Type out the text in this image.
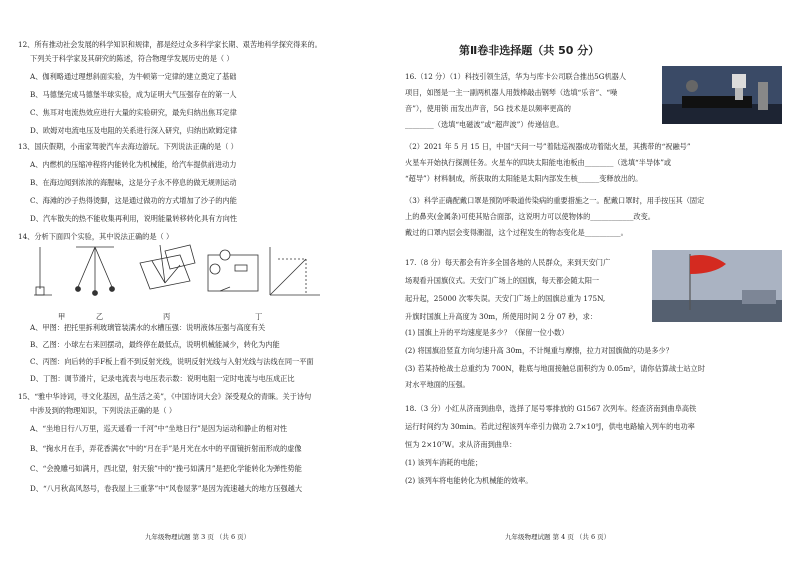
12、所有推动社会发展的科学知识和规律，都是经过众多科学家长期、艰苦地科学探究得来的。
下列关于科学家及其研究的陈述，符合物理学发展历史的是（ ）
A、伽利略通过理想斜面实验，为牛顿第一定律的建立奠定了基础
B、马德堡完成马德堡半球实验，成为证明大气压强存在的第一人
C、焦耳对电流热效应进行大量的实验研究，最先归纳出焦耳定律
D、欧姆对电流电压及电阻的关系进行深入研究，归纳出欧姆定律
13、国庆假期，小南家驾驶汽车去海边游玩。下列说法正确的是（ ）
A、内燃机的压缩冲程将内能转化为机械能，给汽车提供前进动力
B、在海边闻到浓浓的海腥味，这是分子永不停息的做无规则运动
C、海滩的沙子热得烫脚，这是通过做功的方式增加了沙子的内能
D、汽车散失的热不能收集再利用，说明能量转移转化具有方向性
14、分析下面四个实验，其中说法正确的是（ ）
甲	乙	丙	丁
A、甲图：把托里拆利玻璃管装满水的水槽压强：说明液体压强与高度有关
B、乙图：小球左右来回摆动，最终停在最低点，说明机械能减少，转化为内能
C、丙图：向后转的手F板上看不到反射光线，说明反射光线与入射光线与法线在同一平面
D、丁图：调节滑片，记录电流表与电压表示数：说明电阻一定时电流与电压成正比
15、“雅中华诗词，寻文化基因，品生活之美”，《中国诗词大会》深受观众的青睐。关于诗句
中涉及到的物理知识，下列说法正确的是（ ）
A、“坐地日行八万里，巡天遥看一千河”中“坐地日行”是因为运动和静止的相对性
B、“掬水月在手，弄花香满衣”中的“月在手”是月光在水中的平面镜折射而形成的虚像
C、“会挽雕弓如满月，西北望，射天狼”中的“挽弓如满月”是把化学能转化为弹性势能
D、“八月秋高风怒号，卷我屋上三重茅”中“风卷屋茅”是因为流速越大的地方压强越大
九年级物理试题 第 3 页 （共 6 页）
第Ⅱ卷非选择题（共 50 分）
16.（12 分）（1）科技引领生活，华为与库卡公司联合推出5G机器人
项目，如图是一主一副两机器人用鼓棒敲击钢琴（选填“乐音”、“噪
音”），使用锁 而发出声音，5G 技术是以频率更高的
________（选填“电磁波”或“超声波”）传递信息。
（2）2021 年 5 月 15 日，中国“天问一号”着陆巡视器成功着陆火星，其携带的“祝融号”
火星车开始执行探测任务。火星车的四块太阳能电池板由________（选填“半导体”或
“超导”）材料制成，所获取的太阳能是太阳内部发生核______变释放出的。
（3）科学正确配戴口罩是预防呼吸道传染病的重要措施之一。配戴口罩时，用手按压其（固定
上的鼻夹(金属条)可使其贴合面部，这说明力可以使物体的____________改变。
戴过的口罩内层会变得潮湿，这个过程发生的物态变化是__________。
17.（8 分）每天都会有许多全国各地的人民群众，来到天安门广
场观看升国旗仪式。天安门广场上的国旗，每天都会随太阳一
起升起，25000 次零失误。天安门广场上的国旗总重为 175N,
升旗时国旗上升高度为 30m，所使用时间 2 分 07 秒，求：
(1) 国旗上升的平均速度是多少？（保留一位小数）
(2) 将国旗沿竖直方向匀速升高 30m，不计绳重与摩擦，拉力对国旗做的功是多少？
(3) 若某持枪战士总重约为 700N，鞋底与地面接触总面积约为 0.05m²，请你估算战士站立时
对水平地面的压强。
18.（3 分）小红从济南到曲阜，选择了尾号零排放的 G1567 次列车。经查济南到曲阜高铁
运行时间约为 30min。若此过程该列车牵引力做功 2.7×10⁹J，供电电路输入列车的电功率
恒为 2×10⁷W。求从济南到曲阜：
(1) 该列车消耗的电能；
(2) 该列车将电能转化为机械能的效率。
九年级物理试题 第 4 页 （共 6 页）
